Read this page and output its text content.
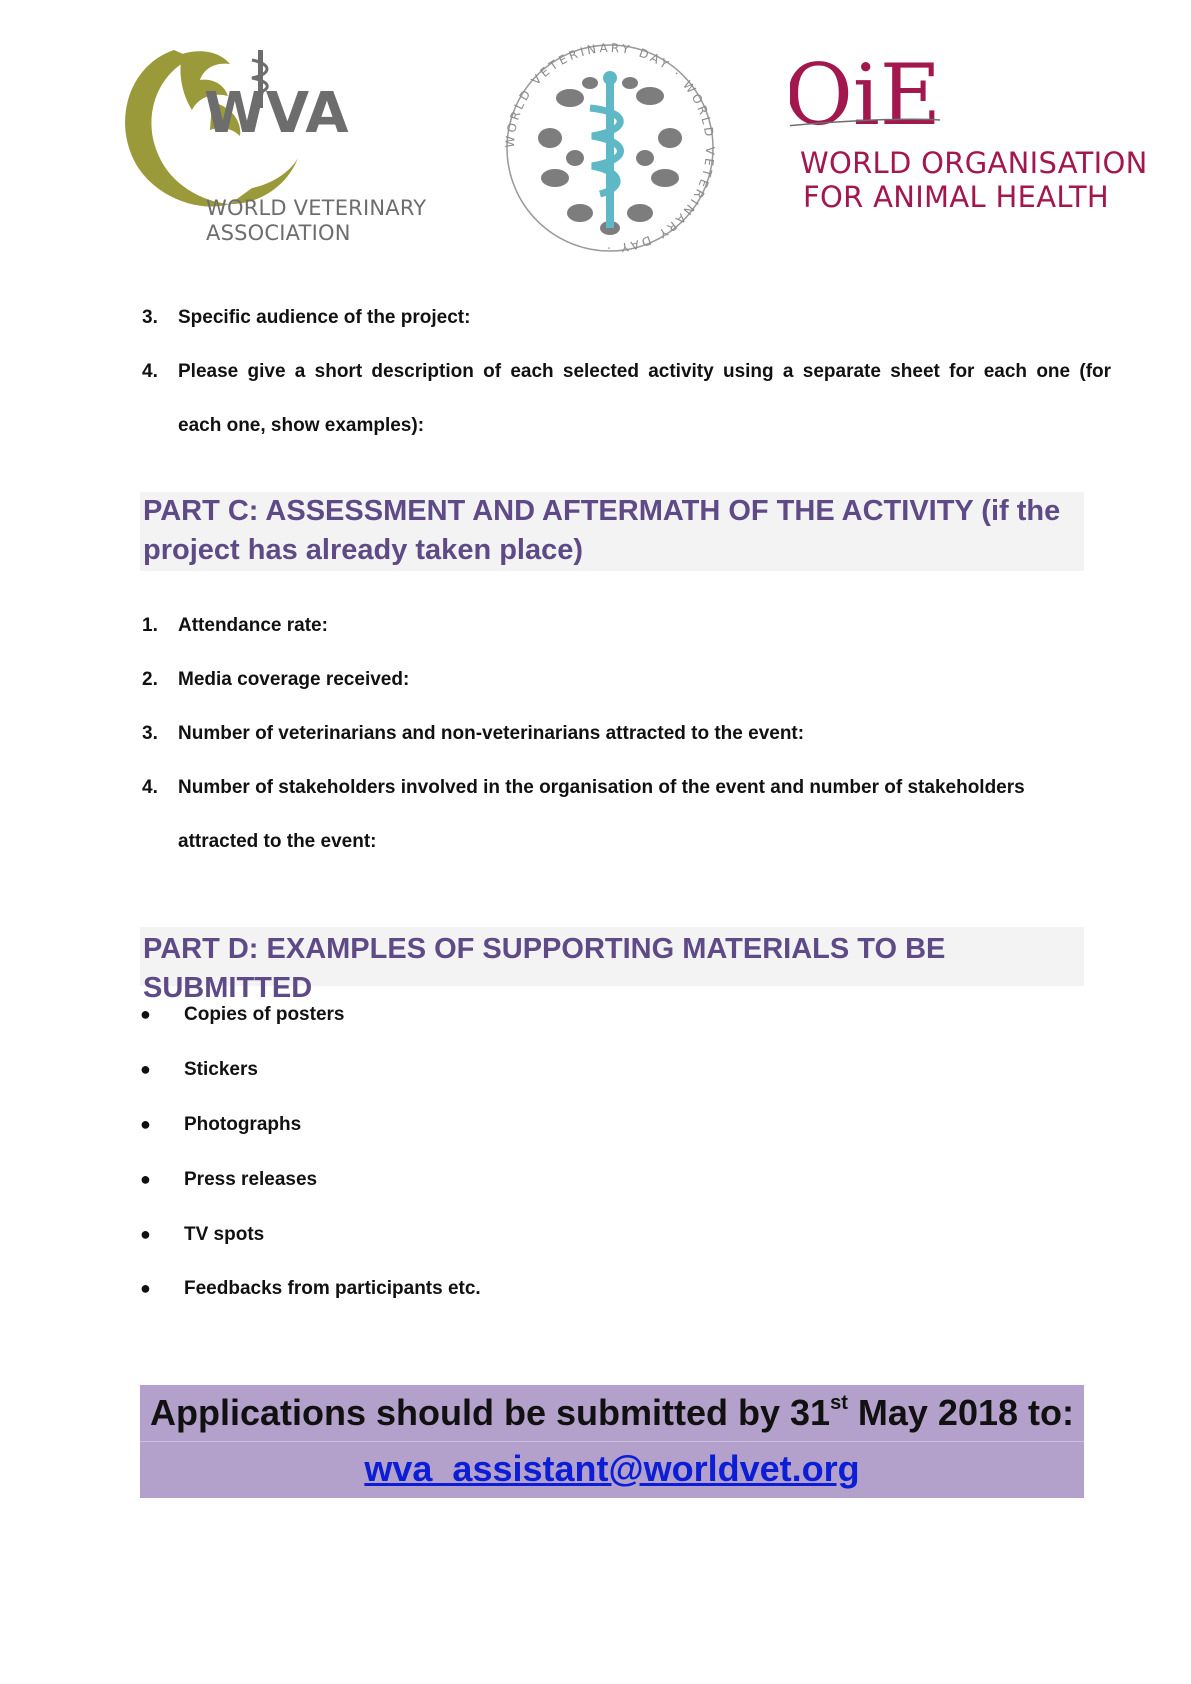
WVA
WORLD VETERINARY
ASSOCIATION
WORLD VETERINARY DAY · WORLD VETERINARY DAY ·
OiE
WORLD ORGANISATION
FOR ANIMAL HEALTH
3. Specific audience of the project:
4. Please give a short description of each selected activity using a separate sheet for each one (for
each one, show examples):
PART C: ASSESSMENT AND AFTERMATH OF THE ACTIVITY (if the
project has already taken place)
1. Attendance rate:
2. Media coverage received:
3. Number of veterinarians and non-veterinarians attracted to the event:
4. Number of stakeholders involved in the organisation of the event and number of stakeholders
attracted to the event:
PART D: EXAMPLES OF SUPPORTING MATERIALS TO BE SUBMITTED
● Copies of posters
● Stickers
● Photographs
● Press releases
● TV spots
● Feedbacks from participants etc.
Applications should be submitted by 31st May 2018 to:
wva_assistant@worldvet.org
